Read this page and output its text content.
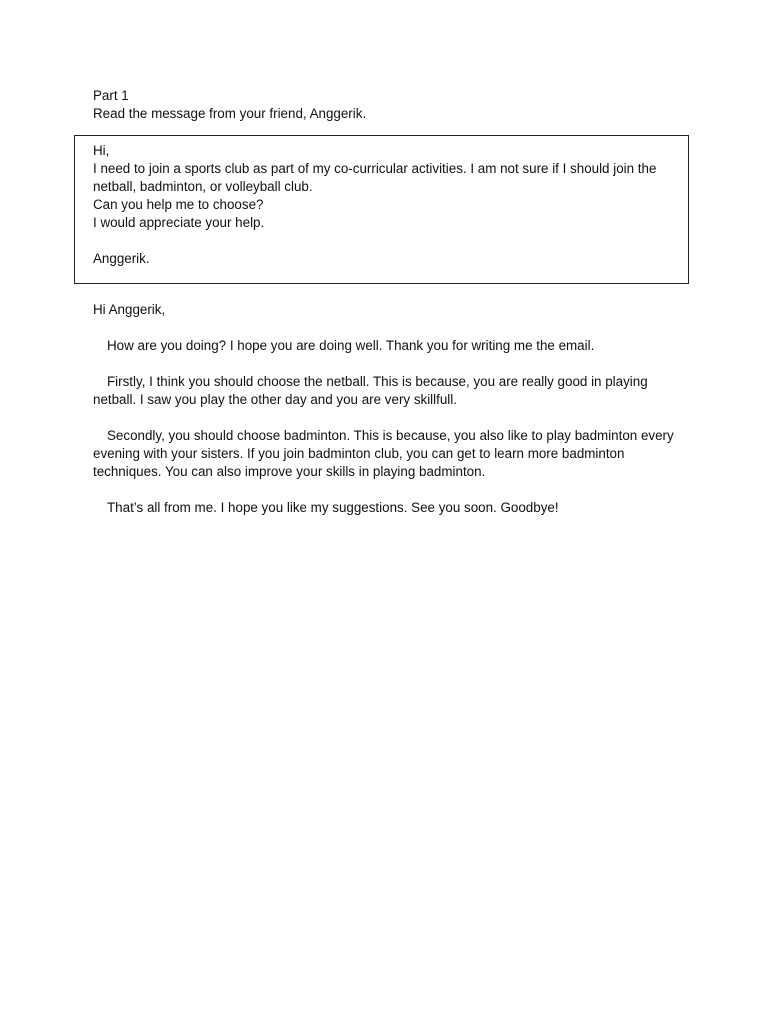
Part 1
Read the message from your friend, Anggerik.
Hi,
I need to join a sports club as part of my co-curricular activities. I am not sure if I should join the netball, badminton, or volleyball club.
Can you help me to choose?
I would appreciate your help.
Anggerik.
Hi Anggerik,

How are you doing? I hope you are doing well. Thank you for writing me the email.

Firstly, I think you should choose the netball. This is because, you are really good in playing netball. I saw you play the other day and you are very skillfull.

Secondly, you should choose badminton. This is because, you also like to play badminton every evening with your sisters. If you join badminton club, you can get to learn more badminton techniques. You can also improve your skills in playing badminton.

That’s all from me. I hope you like my suggestions. See you soon. Goodbye!
